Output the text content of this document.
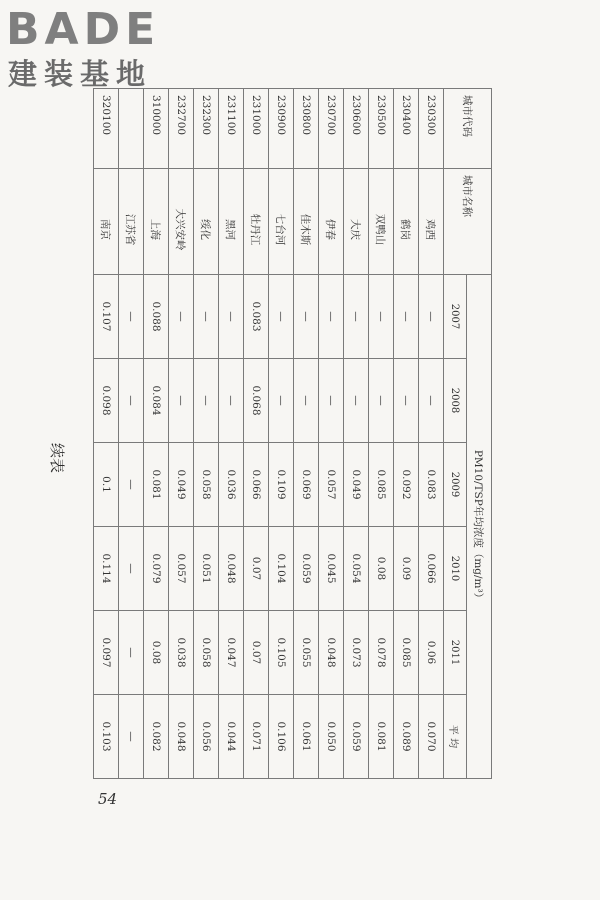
BADE
建装基地
续表
城市代码	城市名称	PM10/TSP年均浓度（mg/m³）					
		2007	2008	2009	2010	2011	平 均
230300	鸡西	—	—	0.083	0.066	0.06	0.070
230400	鹤岗	—	—	0.092	0.09	0.085	0.089
230500	双鸭山	—	—	0.085	0.08	0.078	0.081
230600	大庆	—	—	0.049	0.054	0.073	0.059
230700	伊春	—	—	0.057	0.045	0.048	0.050
230800	佳木斯	—	—	0.069	0.059	0.055	0.061
230900	七台河	—	—	0.109	0.104	0.105	0.106
231000	牡丹江	0.083	0.068	0.066	0.07	0.07	0.071
231100	黑河	—	—	0.036	0.048	0.047	0.044
232300	绥化	—	—	0.058	0.051	0.058	0.056
232700	大兴安岭	—	—	0.049	0.057	0.038	0.048
310000	上海	0.088	0.084	0.081	0.079	0.08	0.082
	江苏省	—	—	—	—	—	—
320100	南京	0.107	0.098	0.1	0.114	0.097	0.103
54
